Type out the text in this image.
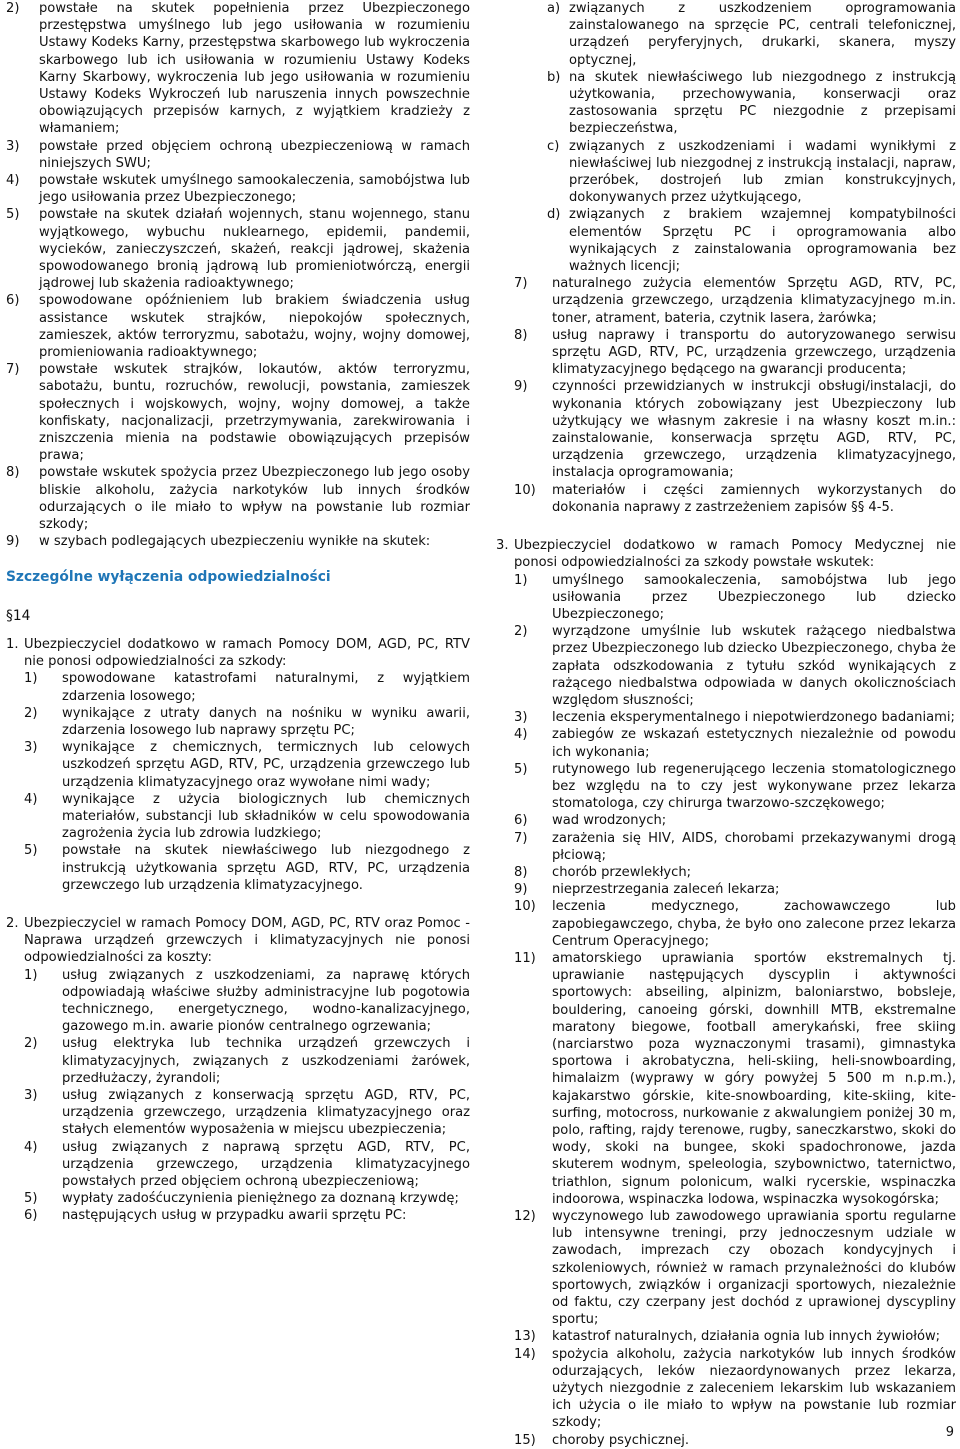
2)	powstałe na skutek popełnienia przez Ubezpieczonego przestępstwa umyślnego lub jego usiłowania w rozumieniu Ustawy Kodeks Karny, przestępstwa skarbowego lub wykroczenia skarbowego lub ich usiłowania w rozumieniu Ustawy Kodeks Karny Skarbowy, wykroczenia lub jego usiłowania w rozumieniu Ustawy Kodeks Wykroczeń lub naruszenia innych powszechnie obowiązujących przepisów karnych, z wyjątkiem kradzieży z włamaniem;
3)	powstałe przed objęciem ochroną ubezpieczeniową w ramach niniejszych SWU;
4)	powstałe wskutek umyślnego samookaleczenia, samobójstwa lub jego usiłowania przez Ubezpieczonego;
5)	powstałe na skutek działań wojennych, stanu wojennego, stanu wyjątkowego, wybuchu nuklearnego, epidemii, pandemii, wycieków, zanieczyszczeń, skażeń, reakcji jądrowej, skażenia spowodowanego bronią jądrową lub promieniotwórczą, energii jądrowej lub skażenia radioaktywnego;
6)	spowodowane opóźnieniem lub brakiem świadczenia usług assistance wskutek strajków, niepokojów społecznych, zamieszek, aktów terroryzmu, sabotażu, wojny, wojny domowej, promieniowania radioaktywnego;
7)	powstałe wskutek strajków, lokautów, aktów terroryzmu, sabotażu, buntu, rozruchów, rewolucji, powstania, zamieszek społecznych i wojskowych, wojny, wojny domowej, a także konfiskaty, nacjonalizacji, przetrzymywania, zarekwirowania i zniszczenia mienia na podstawie obowiązujących przepisów prawa;
8)	powstałe wskutek spożycia przez Ubezpieczonego lub jego osoby bliskie alkoholu, zażycia narkotyków lub innych środków odurzających o ile miało to wpływ na powstanie lub rozmiar szkody;
9)	w szybach podlegających ubezpieczeniu wynikłe na skutek:
Szczególne wyłączenia odpowiedzialności
§14
1. Ubezpieczyciel dodatkowo w ramach Pomocy DOM, AGD, PC, RTV nie ponosi odpowiedzialności za szkody:
1)	spowodowane katastrofami naturalnymi, z wyjątkiem zdarzenia losowego;
2)	wynikające z utraty danych na nośniku w wyniku awarii, zdarzenia losowego lub naprawy sprzętu PC;
3)	wynikające z chemicznych, termicznych lub celowych uszkodzeń sprzętu AGD, RTV, PC, urządzenia grzewczego lub urządzenia klimatyzacyjnego oraz wywołane nimi wady;
4)	wynikające z użycia biologicznych lub chemicznych materiałów, substancji lub składników w celu spowodowania zagrożenia życia lub zdrowia ludzkiego;
5)	powstałe na skutek niewłaściwego lub niezgodnego z instrukcją użytkowania sprzętu AGD, RTV, PC, urządzenia grzewczego lub urządzenia klimatyzacyjnego.
2. Ubezpieczyciel w ramach Pomocy DOM, AGD, PC, RTV oraz Pomoc - Naprawa urządzeń grzewczych i klimatyzacyjnych nie ponosi odpowiedzialności za koszty:
1)	usług związanych z uszkodzeniami, za naprawę których odpowiadają właściwe służby administracyjne lub pogotowia technicznego, energetycznego, wodno-kanalizacyjnego, gazowego m.in. awarie pionów centralnego ogrzewania;
2)	usług elektryka lub technika urządzeń grzewczych i klimatyzacyjnych, związanych z uszkodzeniami żarówek, przedłużaczy, żyrandoli;
3)	usług związanych z konserwacją sprzętu AGD, RTV, PC, urządzenia grzewczego, urządzenia klimatyzacyjnego oraz stałych elementów wyposażenia w miejscu ubezpieczenia;
4)	usług związanych z naprawą sprzętu AGD, RTV, PC, urządzenia grzewczego, urządzenia klimatyzacyjnego powstałych przed objęciem ochroną ubezpieczeniową;
5)	wypłaty zadośćuczynienia pieniężnego za doznaną krzywdę;
6)	następujących usług w przypadku awarii sprzętu PC:
a) związanych z uszkodzeniem oprogramowania zainstalowanego na sprzęcie PC, centrali telefonicznej, urządzeń peryferyjnych, drukarki, skanera, myszy optycznej,
b) na skutek niewłaściwego lub niezgodnego z instrukcją użytkowania, przechowywania, konserwacji oraz zastosowania sprzętu PC niezgodnie z przepisami bezpieczeństwa,
c) związanych z uszkodzeniami i wadami wynikłymi z niewłaściwej lub niezgodnej z instrukcją instalacji, napraw, przeróbek, dostrojeń lub zmian konstrukcyjnych, dokonywanych przez użytkującego,
d) związanych z brakiem wzajemnej kompatybilności elementów Sprzętu PC i oprogramowania albo wynikających z zainstalowania oprogramowania bez ważnych licencji;
7)	naturalnego zużycia elementów Sprzętu AGD, RTV, PC, urządzenia grzewczego, urządzenia klimatyzacyjnego m.in. toner, atrament, bateria, czytnik lasera, żarówka;
8)	usług naprawy i transportu do autoryzowanego serwisu sprzętu AGD, RTV, PC, urządzenia grzewczego, urządzenia klimatyzacyjnego będącego na gwarancji producenta;
9)	czynności przewidzianych w instrukcji obsługi/instalacji, do wykonania których zobowiązany jest Ubezpieczony lub użytkujący we własnym zakresie i na własny koszt m.in.: zainstalowanie, konserwacja sprzętu AGD, RTV, PC, urządzenia grzewczego, urządzenia klimatyzacyjnego, instalacja oprogramowania;
10)	materiałów i części zamiennych wykorzystanych do dokonania naprawy z zastrzeżeniem zapisów §§ 4-5.
3. Ubezpieczyciel dodatkowo w ramach Pomocy Medycznej nie ponosi odpowiedzialności za szkody powstałe wskutek:
1)	umyślnego samookaleczenia, samobójstwa lub jego usiłowania przez Ubezpieczonego lub dziecko Ubezpieczonego;
2)	wyrządzone umyślnie lub wskutek rażącego niedbalstwa przez Ubezpieczonego lub dziecko Ubezpieczonego, chyba że zapłata odszkodowania z tytułu szkód wynikających z rażącego niedbalstwa odpowiada w danych okolicznościach względom słuszności;
3)	leczenia eksperymentalnego i niepotwierdzonego badaniami;
4)	zabiegów ze wskazań estetycznych niezależnie od powodu ich wykonania;
5)	rutynowego lub regenerującego leczenia stomatologicznego bez względu na to czy jest wykonywane przez lekarza stomatologa, czy chirurga twarzowo-szczękowego;
6)	wad wrodzonych;
7)	zarażenia się HIV, AIDS, chorobami przekazywanymi drogą płciową;
8)	chorób przewlekłych;
9)	nieprzestrzegania zaleceń lekarza;
10)	leczenia medycznego, zachowawczego lub zapobiegawczego, chyba, że było ono zalecone przez lekarza Centrum Operacyjnego;
11)	amatorskiego uprawiania sportów ekstremalnych tj. uprawianie następujących dyscyplin i aktywności sportowych: abseiling, alpinizm, baloniarstwo, bobsleje, bouldering, canoeing górski, downhill MTB, ekstremalne maratony biegowe, football amerykański, free skiing (narciarstwo poza wyznaczonymi trasami), gimnastyka sportowa i akrobatyczna, heli-skiing, heli-snowboarding, himalaizm (wyprawy w góry powyżej 5 500 m n.p.m.), kajakarstwo górskie, kite-snowboarding, kite-skiing, kite-surfing, motocross, nurkowanie z akwalungiem poniżej 30 m, polo, rafting, rajdy terenowe, rugby, saneczkarstwo, skoki do wody, skoki na bungee, skoki spadochronowe, jazda skuterem wodnym, speleologia, szybownictwo, taternictwo, triathlon, signum polonicum, walki rycerskie, wspinaczka indoorowa, wspinaczka lodowa, wspinaczka wysokogórska;
12)	wyczynowego lub zawodowego uprawiania sportu regularne lub intensywne treningi, przy jednoczesnym udziale w zawodach, imprezach czy obozach kondycyjnych i szkoleniowych, również w ramach przynależności do klubów sportowych, związków i organizacji sportowych, niezależnie od faktu, czy czerpany jest dochód z uprawionej dyscypliny sportu;
13)	katastrof naturalnych, działania ognia lub innych żywiołów;
14)	spożycia alkoholu, zażycia narkotyków lub innych środków odurzających, leków niezaordynowanych przez lekarza, użytych niezgodnie z zaleceniem lekarskim lub wskazaniem ich użycia o ile miało to wpływ na powstanie lub rozmiar szkody;
15)	choroby psychicznej.
9
